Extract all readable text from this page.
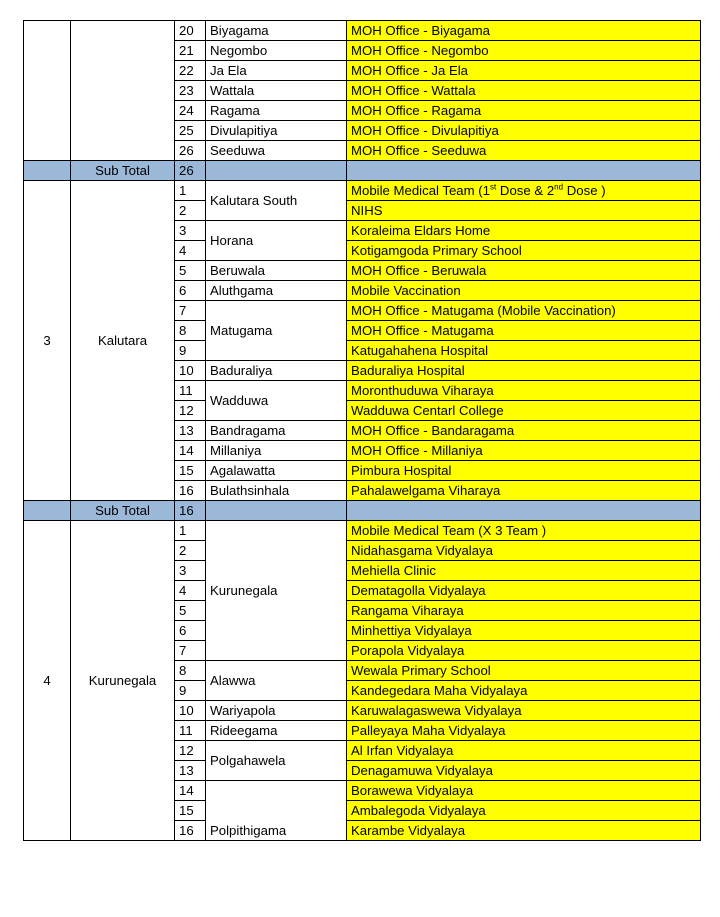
		20	Biyagama	MOH Office - Biyagama
		21	Negombo	MOH Office - Negombo
		22	Ja Ela	MOH Office - Ja Ela
		23	Wattala	MOH Office - Wattala
		24	Ragama	MOH Office - Ragama
		25	Divulapitiya	MOH Office - Divulapitiya
		26	Seeduwa	MOH Office - Seeduwa
	Sub Total	26		
3	Kalutara	1	Kalutara South	Mobile Medical Team (1st Dose & 2nd Dose )
		2		NIHS
		3	Horana	Koraleima Eldars Home
		4		Kotigamgoda Primary School
		5	Beruwala	MOH Office - Beruwala
		6	Aluthgama	Mobile Vaccination
		7	Matugama	MOH Office - Matugama (Mobile Vaccination)
		8		MOH Office - Matugama
		9		Katugahahena Hospital
		10	Baduraliya	Baduraliya Hospital
		11	Wadduwa	Moronthuduwa Viharaya
		12		Wadduwa Centarl College
		13	Bandragama	MOH Office - Bandaragama
		14	Millaniya	MOH Office - Millaniya
		15	Agalawatta	Pimbura Hospital
		16	Bulathsinhala	Pahalawelgama Viharaya
	Sub Total	16		
4	Kurunegala	1	Kurunegala	Mobile Medical Team (X 3 Team )
		2		Nidahasgama Vidyalaya
		3		Mehiella Clinic
		4		Dematagolla Vidyalaya
		5		Rangama Viharaya
		6		Minhettiya Vidyalaya
		7		Porapola Vidyalaya
		8	Alawwa	Wewala Primary School
		9		Kandegedara Maha Vidyalaya
		10	Wariyapola	Karuwalagaswewa Vidyalaya
		11	Rideegama	Palleyaya Maha Vidyalaya
		12	Polgahawela	Al Irfan Vidyalaya
		13		Denagamuwa Vidyalaya
		14	Polpithigama	Borawewa Vidyalaya
		15		Ambalegoda Vidyalaya
		16		Karambe Vidyalaya
